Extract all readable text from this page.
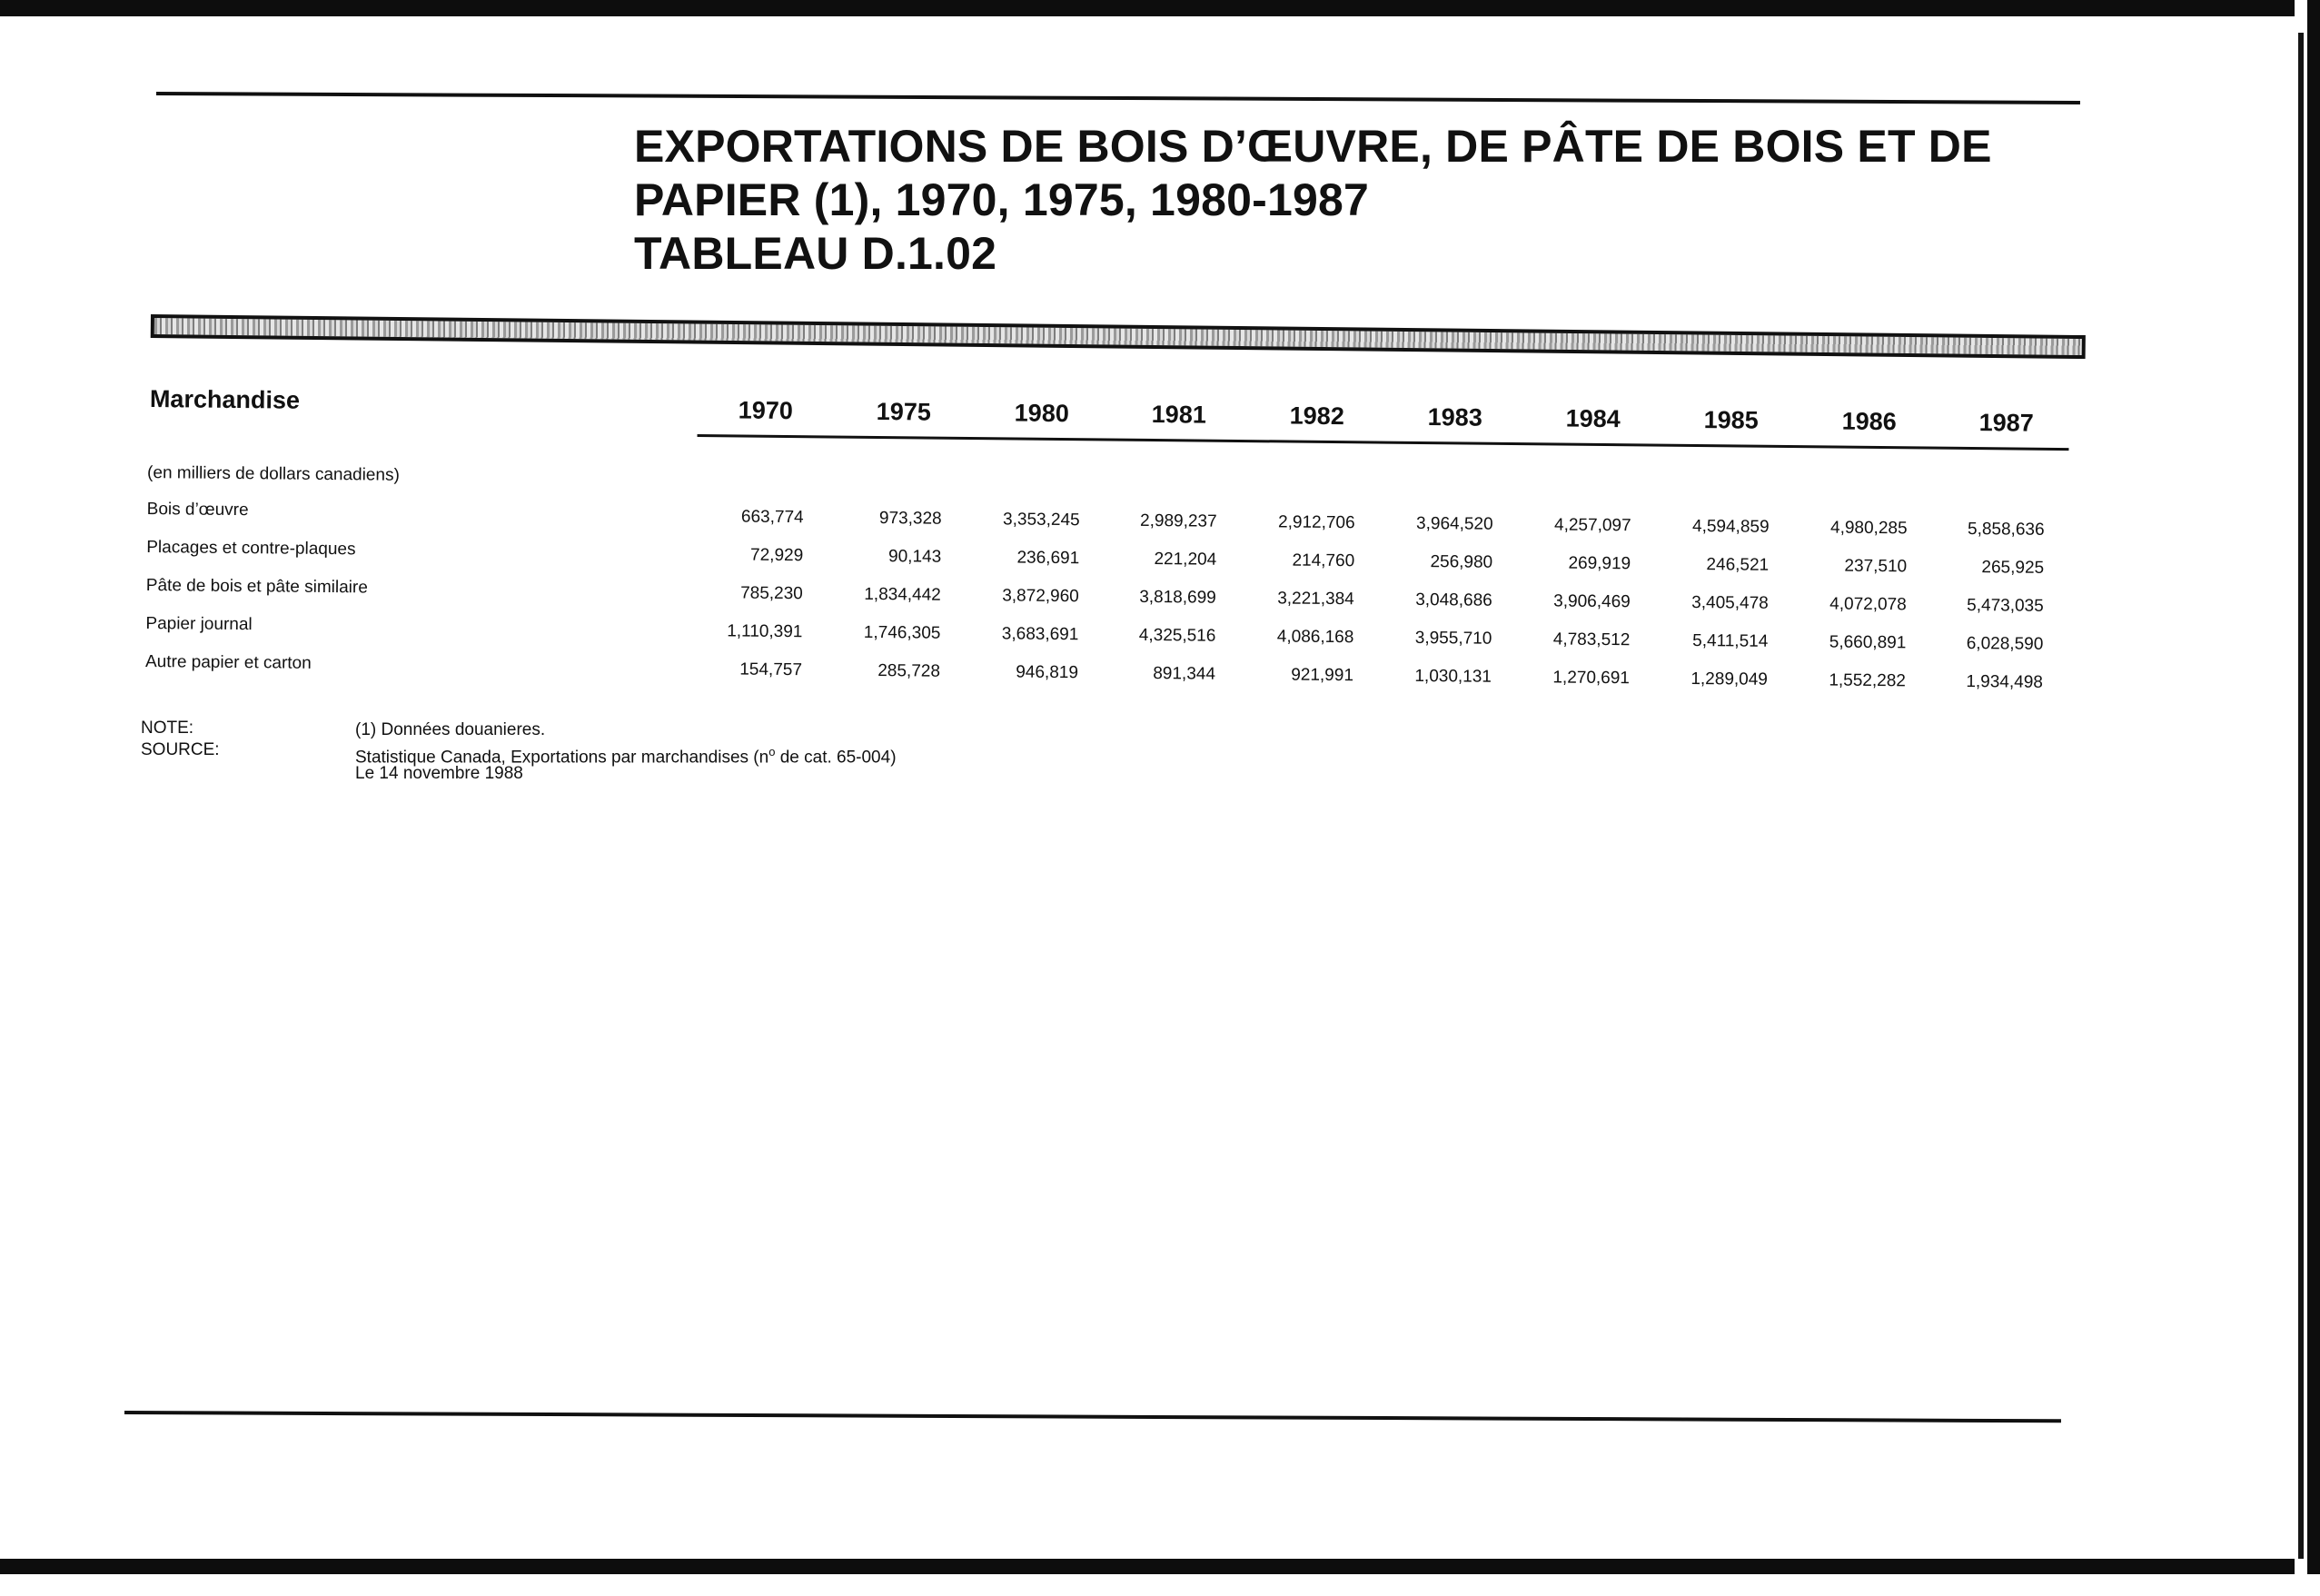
EXPORTATIONS DE BOIS D’ŒUVRE, DE PÂTE DE BOIS ET DE
PAPIER (1), 1970, 1975, 1980-1987
TABLEAU D.1.02
Marchandise	1970	1975	1980	1981	1982	1983	1984	1985	1986	1987
(en milliers de dollars canadiens)
Bois d’œuvre	663,774	973,328	3,353,245	2,989,237	2,912,706	3,964,520	4,257,097	4,594,859	4,980,285	5,858,636
Placages et contre-plaques	72,929	90,143	236,691	221,204	214,760	256,980	269,919	246,521	237,510	265,925
Pâte de bois et pâte similaire	785,230	1,834,442	3,872,960	3,818,699	3,221,384	3,048,686	3,906,469	3,405,478	4,072,078	5,473,035
Papier journal	1,110,391	1,746,305	3,683,691	4,325,516	4,086,168	3,955,710	4,783,512	5,411,514	5,660,891	6,028,590
Autre papier et carton	154,757	285,728	946,819	891,344	921,991	1,030,131	1,270,691	1,289,049	1,552,282	1,934,498
NOTE:	(1) Données douanieres.
SOURCE:	Statistique Canada, Exportations par marchandises ($n^o$ de cat. 65-004)
Le 14 novembre 1988
